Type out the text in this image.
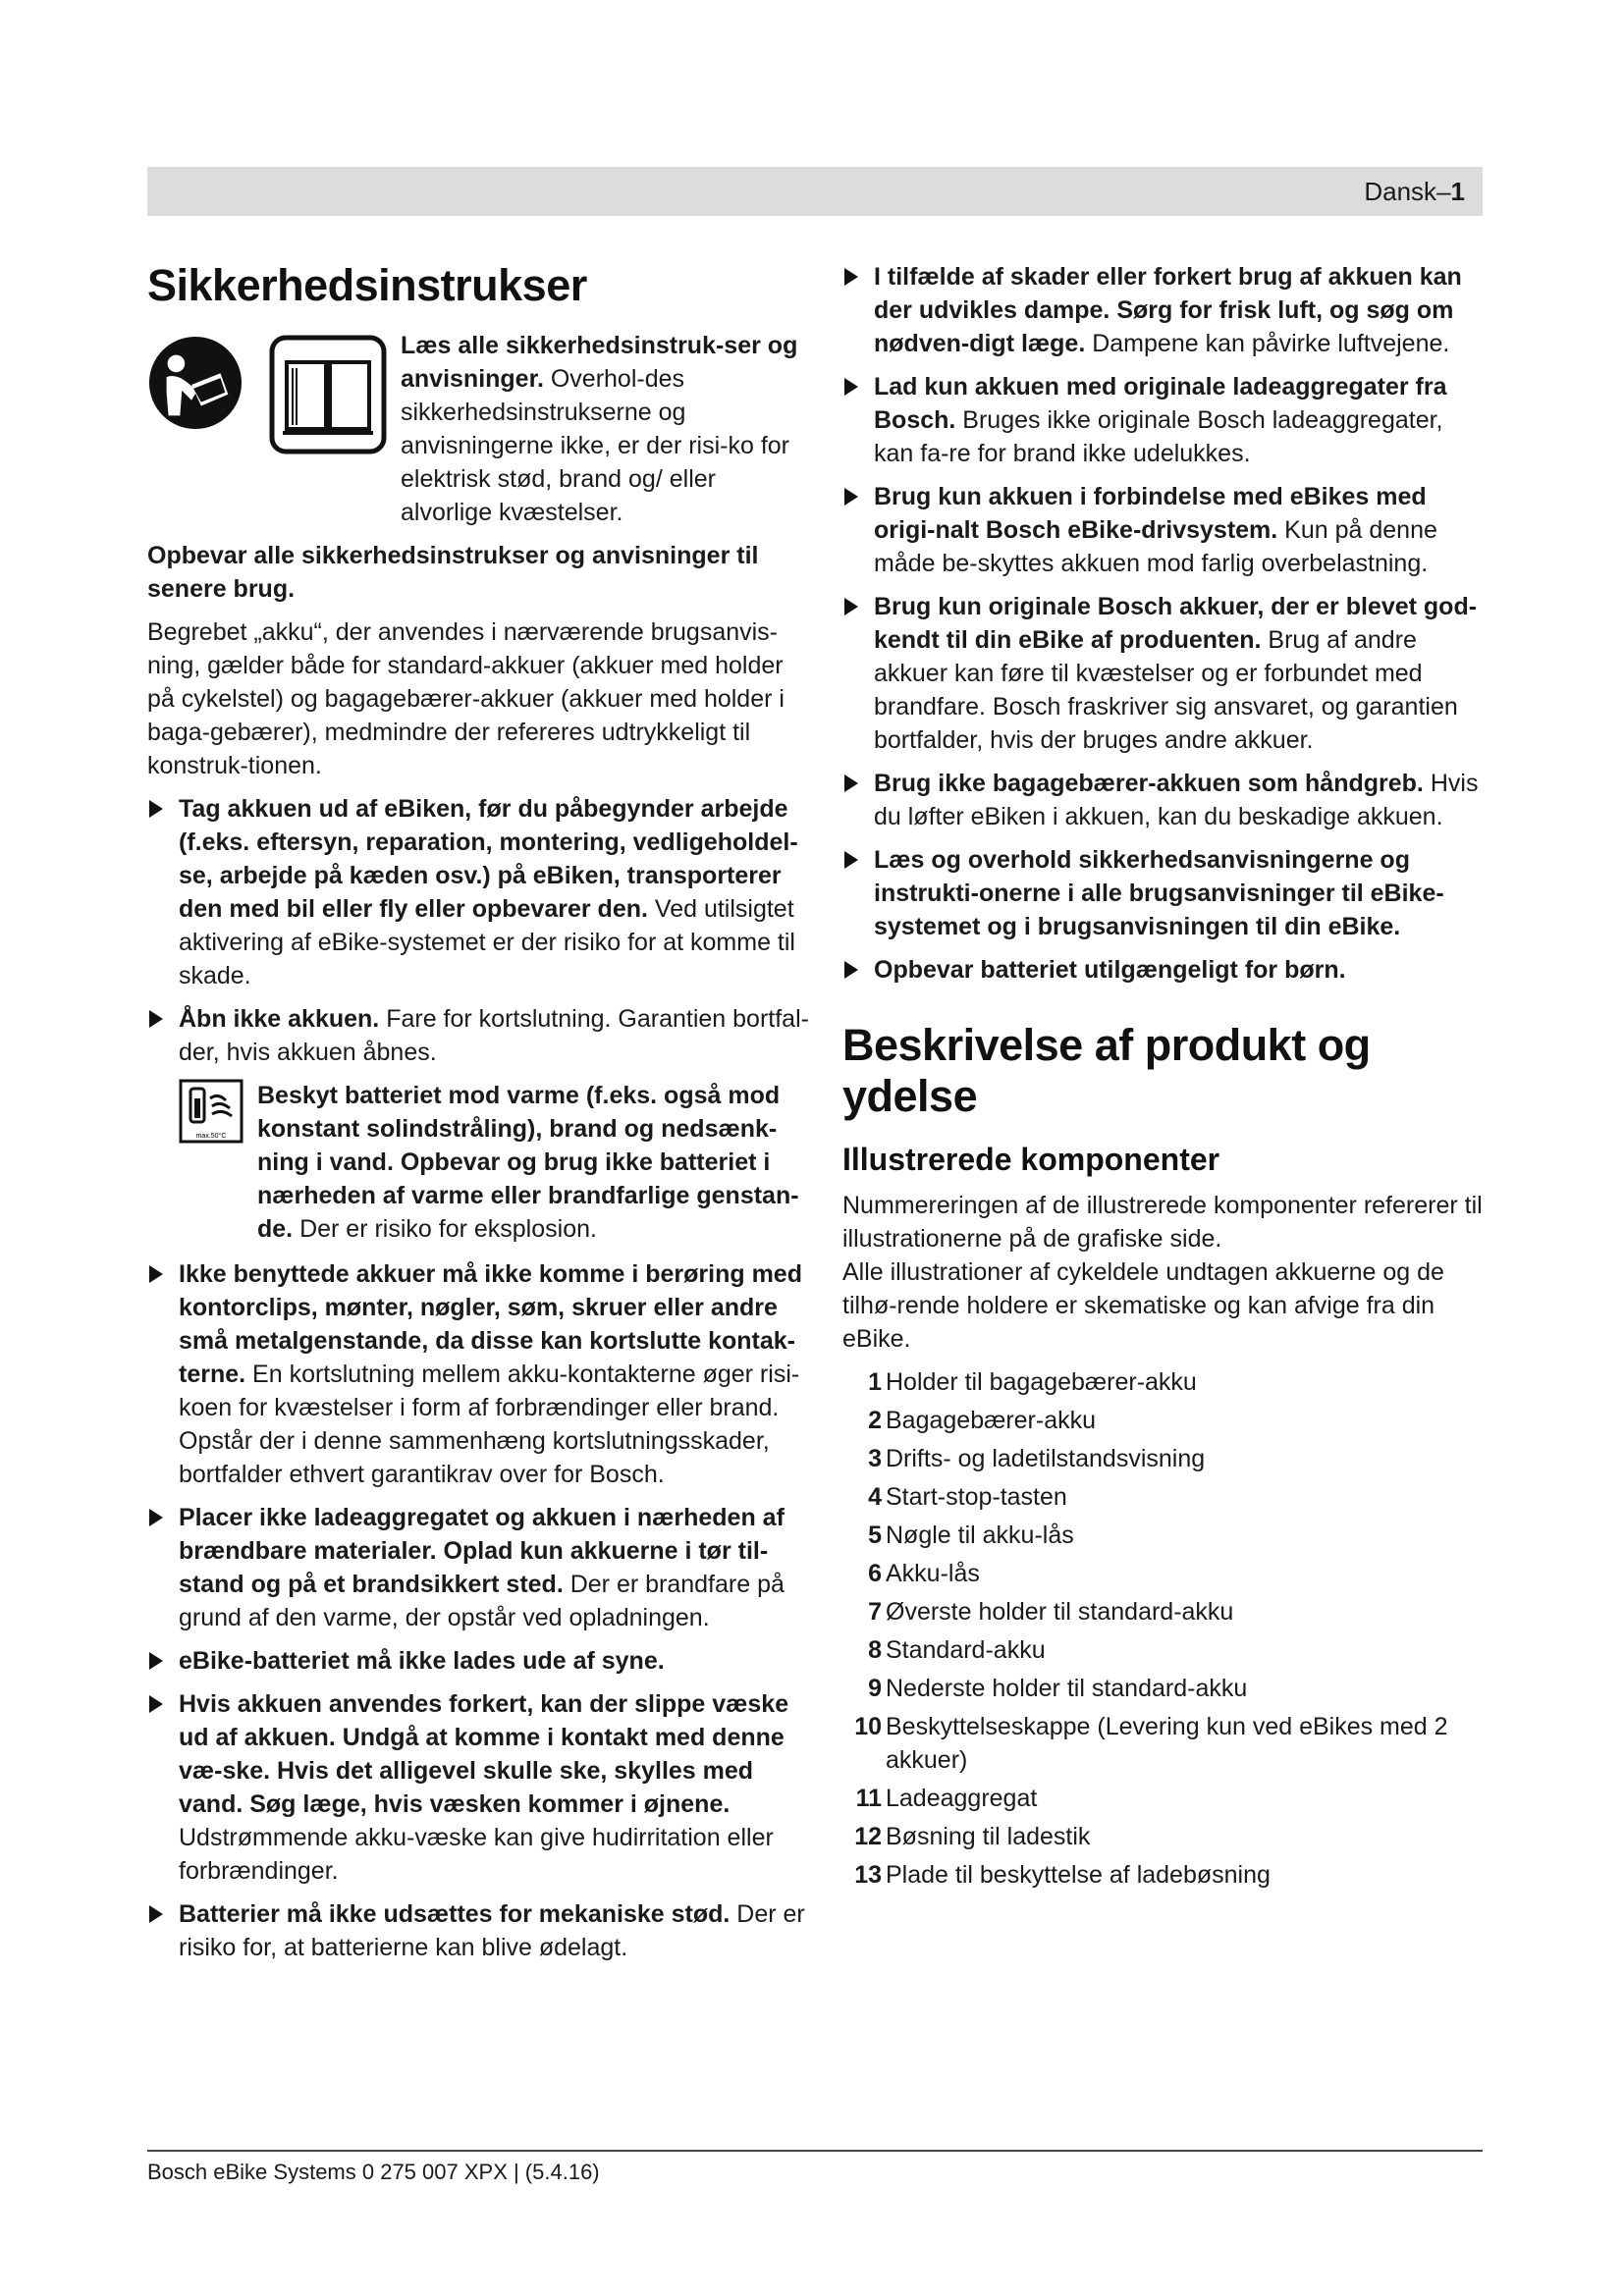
Dansk – 1
Sikkerhedsinstrukser
Læs alle sikkerhedsinstruk-ser og anvisninger. Overhol-des sikkerhedsinstrukserne og anvisningerne ikke, er der risi-ko for elektrisk stød, brand og/ eller alvorlige kvæstelser.

Opbevar alle sikkerhedsinstrukser og anvisninger til senere brug.

Begrebet „akku“, der anvendes i nærværende brugsanvis-ning, gælder både for standard-akkuer (akkuer med holder på cykelstel) og bagagebærer-akkuer (akkuer med holder i baga-gebærer), medmindre der refereres udtrykkeligt til konstruk-tionen.

Tag akkuen ud af eBiken, før du påbegynder arbejde (f.eks. eftersyn, reparation, montering, vedligeholdel-se, arbejde på kæden osv.) på eBiken, transporterer den med bil eller fly eller opbevarer den. Ved utilsigtet aktivering af eBike-systemet er der risiko for at komme til skade.
Åbn ikke akkuen. Fare for kortslutning. Garantien bortfal-der, hvis akkuen åbnes.
max.50°C
Beskyt batteriet mod varme (f.eks. også mod konstant solindstråling), brand og nedsænk-ning i vand. Opbevar og brug ikke batteriet i nærheden af varme eller brandfarlige genstan-de. Der er risiko for eksplosion.
Ikke benyttede akkuer må ikke komme i berøring med kontorclips, mønter, nøgler, søm, skruer eller andre små metalgenstande, da disse kan kortslutte kontak-terne. En kortslutning mellem akku-kontakterne øger risi-koen for kvæstelser i form af forbrændinger eller brand. Opstår der i denne sammenhæng kortslutningsskader, bortfalder ethvert garantikrav over for Bosch.
Placer ikke ladeaggregatet og akkuen i nærheden af brændbare materialer. Oplad kun akkuerne i tør til-stand og på et brandsikkert sted. Der er brandfare på grund af den varme, der opstår ved opladningen.
eBike-batteriet må ikke lades ude af syne.
Hvis akkuen anvendes forkert, kan der slippe væske ud af akkuen. Undgå at komme i kontakt med denne væ-ske. Hvis det alligevel skulle ske, skylles med vand. Søg læge, hvis væsken kommer i øjnene. Udstrømmende akku-væske kan give hudirritation eller forbrændinger.
Batterier må ikke udsættes for mekaniske stød. Der er risiko for, at batterierne kan blive ødelagt.
I tilfælde af skader eller forkert brug af akkuen kan der udvikles dampe. Sørg for frisk luft, og søg om nødven-digt læge. Dampene kan påvirke luftvejene.
Lad kun akkuen med originale ladeaggregater fra Bosch. Bruges ikke originale Bosch ladeaggregater, kan fa-re for brand ikke udelukkes.
Brug kun akkuen i forbindelse med eBikes med origi-nalt Bosch eBike-drivsystem. Kun på denne måde be-skyttes akkuen mod farlig overbelastning.
Brug kun originale Bosch akkuer, der er blevet god-kendt til din eBike af produenten. Brug af andre akkuer kan føre til kvæstelser og er forbundet med brandfare. Bosch fraskriver sig ansvaret, og garantien bortfalder, hvis der bruges andre akkuer.
Brug ikke bagagebærer-akkuen som håndgreb. Hvis du løfter eBiken i akkuen, kan du beskadige akkuen.
Læs og overhold sikkerhedsanvisningerne og instrukti-onerne i alle brugsanvisninger til eBike-systemet og i brugsanvisningen til din eBike.
Opbevar batteriet utilgængeligt for børn.
Beskrivelse af produkt og ydelse
Illustrerede komponenter

Nummereringen af de illustrerede komponenter refererer til illustrationerne på de grafiske side.

Alle illustrationer af cykeldele undtagen akkuerne og de tilhø-rende holdere er skematiske og kan afvige fra din eBike.

1 Holder til bagagebærer-akku
2 Bagagebærer-akku
3 Drifts- og ladetilstandsvisning
4 Start-stop-tasten
5 Nøgle til akku-lås
6 Akku-lås
7 Øverste holder til standard-akku
8 Standard-akku
9 Nederste holder til standard-akku
10 Beskyttelseskappe (Levering kun ved eBikes med 2 akkuer)
11 Ladeaggregat
12 Bøsning til ladestik
13 Plade til beskyttelse af ladebøsning
Bosch eBike Systems 0 275 007 XPX | (5.4.16)
